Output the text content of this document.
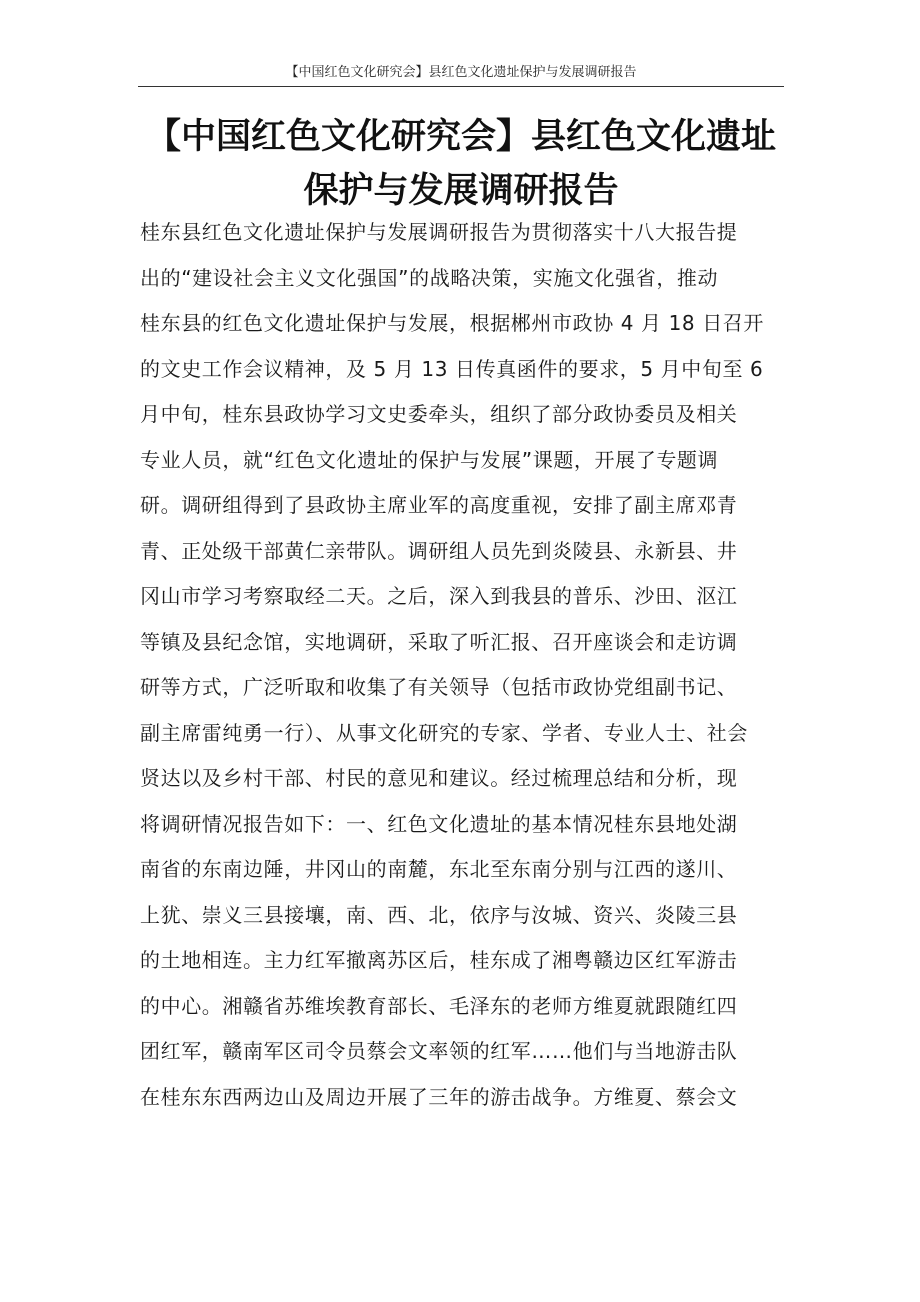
【中国红色文化研究会】县红色文化遗址保护与发展调研报告
【中国红色文化研究会】县红色文化遗址
保护与发展调研报告
桂东县红色文化遗址保护与发展调研报告为贯彻落实十八大报告提
出的“建设社会主义文化强国”的战略决策，实施文化强省，推动
桂东县的红色文化遗址保护与发展，根据郴州市政协 4 月 18 日召开
的文史工作会议精神，及 5 月 13 日传真函件的要求，5 月中旬至 6
月中旬，桂东县政协学习文史委牵头，组织了部分政协委员及相关
专业人员，就“红色文化遗址的保护与发展”课题，开展了专题调
研。调研组得到了县政协主席业军的高度重视，安排了副主席邓青
青、正处级干部黄仁亲带队。调研组人员先到炎陵县、永新县、井
冈山市学习考察取经二天。之后，深入到我县的普乐、沙田、沤江
等镇及县纪念馆，实地调研，采取了听汇报、召开座谈会和走访调
研等方式，广泛听取和收集了有关领导（包括市政协党组副书记、
副主席雷纯勇一行）、从事文化研究的专家、学者、专业人士、社会
贤达以及乡村干部、村民的意见和建议。经过梳理总结和分析，现
将调研情况报告如下：一、红色文化遗址的基本情况桂东县地处湖
南省的东南边陲，井冈山的南麓，东北至东南分别与江西的遂川、
上犹、崇义三县接壤，南、西、北，依序与汝城、资兴、炎陵三县
的土地相连。主力红军撤离苏区后，桂东成了湘粤赣边区红军游击
的中心。湘赣省苏维埃教育部长、毛泽东的老师方维夏就跟随红四
团红军，赣南军区司令员蔡会文率领的红军……他们与当地游击队
在桂东东西两边山及周边开展了三年的游击战争。方维夏、蔡会文
